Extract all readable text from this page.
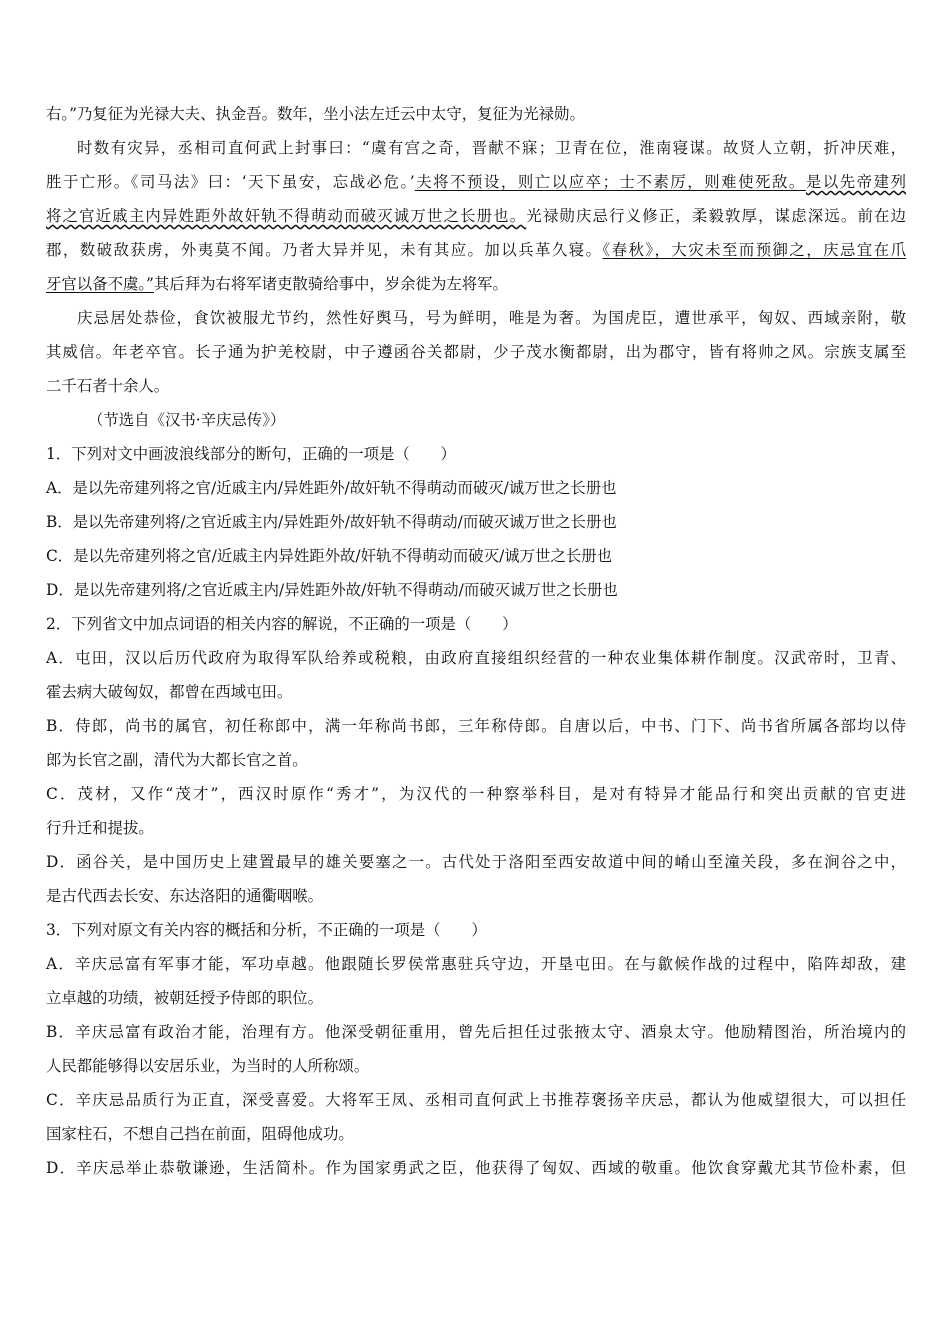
右。”乃复征为光禄大夫、执金吾。数年，坐小法左迁云中太守，复征为光禄勋。
时数有灾异，丞相司直何武上封事曰：“虞有宫之奇，晋献不寐；卫青在位，淮南寝谋。故贤人立朝，折冲厌难，
胜于亡形。《司马法》曰：‘天下虽安，忘战必危。’夫将不预设，则亡以应卒；士不素厉，则难使死敌。是以先帝建列
将之官近戚主内异姓距外故奸轨不得萌动而破灭诚万世之长册也。光禄勋庆忌行义修正，柔毅敦厚，谋虑深远。前在边
郡，数破敌获虏，外夷莫不闻。乃者大异并见，未有其应。加以兵革久寝。《春秋》，大灾未至而预御之，庆忌宜在爪
牙官以备不虞。”其后拜为右将军诸吏散骑给事中，岁余徙为左将军。
庆忌居处恭俭，食饮被服尤节约，然性好舆马，号为鲜明，唯是为奢。为国虎臣，遭世承平，匈奴、西域亲附，敬
其威信。年老卒官。长子通为护羌校尉，中子遵函谷关都尉，少子茂水衡都尉，出为郡守，皆有将帅之风。宗族支属至
二千石者十余人。
（节选自《汉书·辛庆忌传》）
1．下列对文中画波浪线部分的断句，正确的一项是（　　）
A．是以先帝建列将之官/近戚主内/异姓距外/故奸轨不得萌动而破灭/诚万世之长册也
B．是以先帝建列将/之官近戚主内/异姓距外/故奸轨不得萌动/而破灭诚万世之长册也
C．是以先帝建列将之官/近戚主内异姓距外故/奸轨不得萌动而破灭/诚万世之长册也
D．是以先帝建列将/之官近戚主内/异姓距外故/奸轨不得萌动/而破灭诚万世之长册也
2．下列省文中加点词语的相关内容的解说，不正确的一项是（　　）
A．屯田，汉以后历代政府为取得军队给养或税粮，由政府直接组织经营的一种农业集体耕作制度。汉武帝时，卫青、
霍去病大破匈奴，都曾在西域屯田。
B．侍郎，尚书的属官，初任称郎中，满一年称尚书郎，三年称侍郎。自唐以后，中书、门下、尚书省所属各部均以侍
郎为长官之副，清代为大都长官之首。
C．茂材，又作“茂才”，西汉时原作“秀才”，为汉代的一种察举科目，是对有特异才能品行和突出贡献的官吏进
行升迁和提拔。
D．函谷关，是中国历史上建置最早的雄关要塞之一。古代处于洛阳至西安故道中间的崤山至潼关段，多在涧谷之中，
是古代西去长安、东达洛阳的通衢咽喉。
3．下列对原文有关内容的概括和分析，不正确的一项是（　　）
A．辛庆忌富有军事才能，军功卓越。他跟随长罗侯常惠驻兵守边，开垦屯田。在与歙候作战的过程中，陷阵却敌，建
立卓越的功绩，被朝廷授予侍郎的职位。
B．辛庆忌富有政治才能，治理有方。他深受朝征重用，曾先后担任过张掖太守、酒泉太守。他励精图治，所治境内的
人民都能够得以安居乐业，为当时的人所称颂。
C．辛庆忌品质行为正直，深受喜爱。大将军王凤、丞相司直何武上书推荐褒扬辛庆忌，都认为他威望很大，可以担任
国家柱石，不想自己挡在前面，阻碍他成功。
D．辛庆忌举止恭敬谦逊，生活简朴。作为国家勇武之臣，他获得了匈奴、西域的敬重。他饮食穿戴尤其节俭朴素，但
